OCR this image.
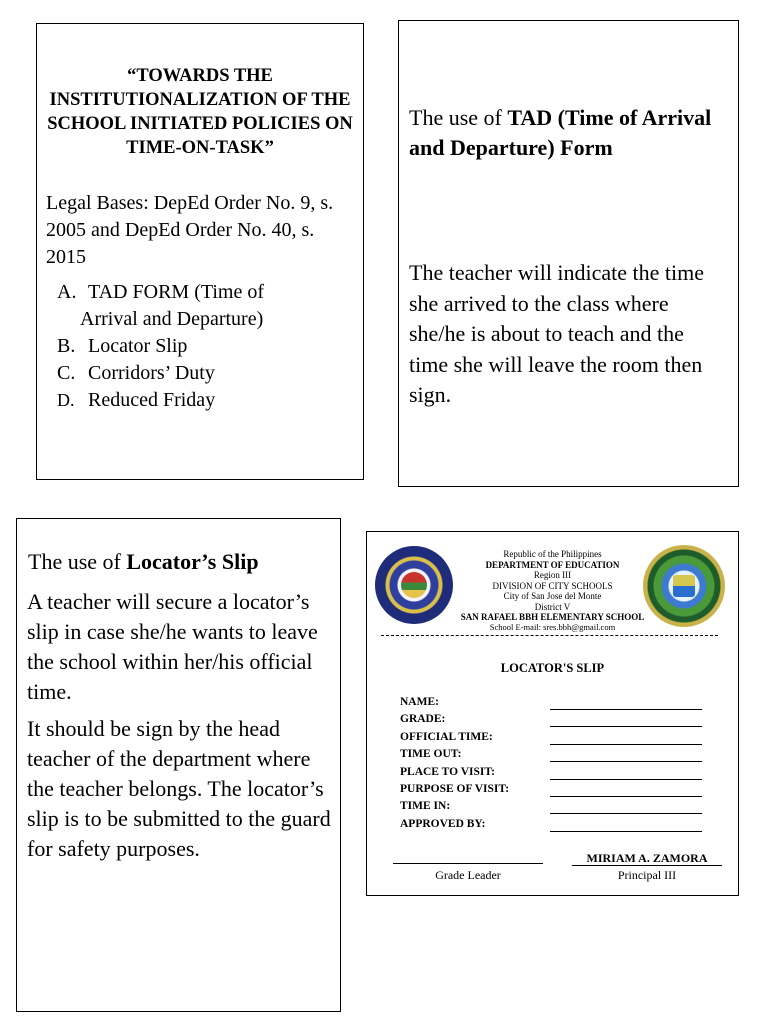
“TOWARDS THE INSTITUTIONALIZATION OF THE SCHOOL INITIATED POLICIES ON TIME-ON-TASK”
Legal Bases: DepEd Order No. 9, s. 2005 and DepEd Order No. 40, s. 2015
A. TAD FORM (Time of
Arrival and Departure)
B. Locator Slip
C. Corridors’ Duty
D. Reduced Friday
The use of TAD (Time of Arrival and Departure) Form
The teacher will indicate the time she arrived to the class where she/he is about to teach and the time she will leave the room then sign.
The use of Locator’s Slip
A teacher will secure a locator’s slip in case she/he wants to leave the school within her/his official time.
It should be sign by the head teacher of the department where the teacher belongs. The locator’s slip is to be submitted to the guard for safety purposes.
Republic of the Philippines
DEPARTMENT OF EDUCATION
Region III
DIVISION OF CITY SCHOOLS
City of San Jose del Monte
District V
SAN RAFAEL BBH ELEMENTARY SCHOOL
School E-mail: sres.bbh@gmail.com
LOCATOR'S SLIP
NAME:
GRADE:
OFFICIAL TIME:
TIME OUT:
PLACE TO VISIT:
PURPOSE OF VISIT:
TIME IN:
APPROVED BY:
Grade Leader
MIRIAM A. ZAMORA
Principal III
